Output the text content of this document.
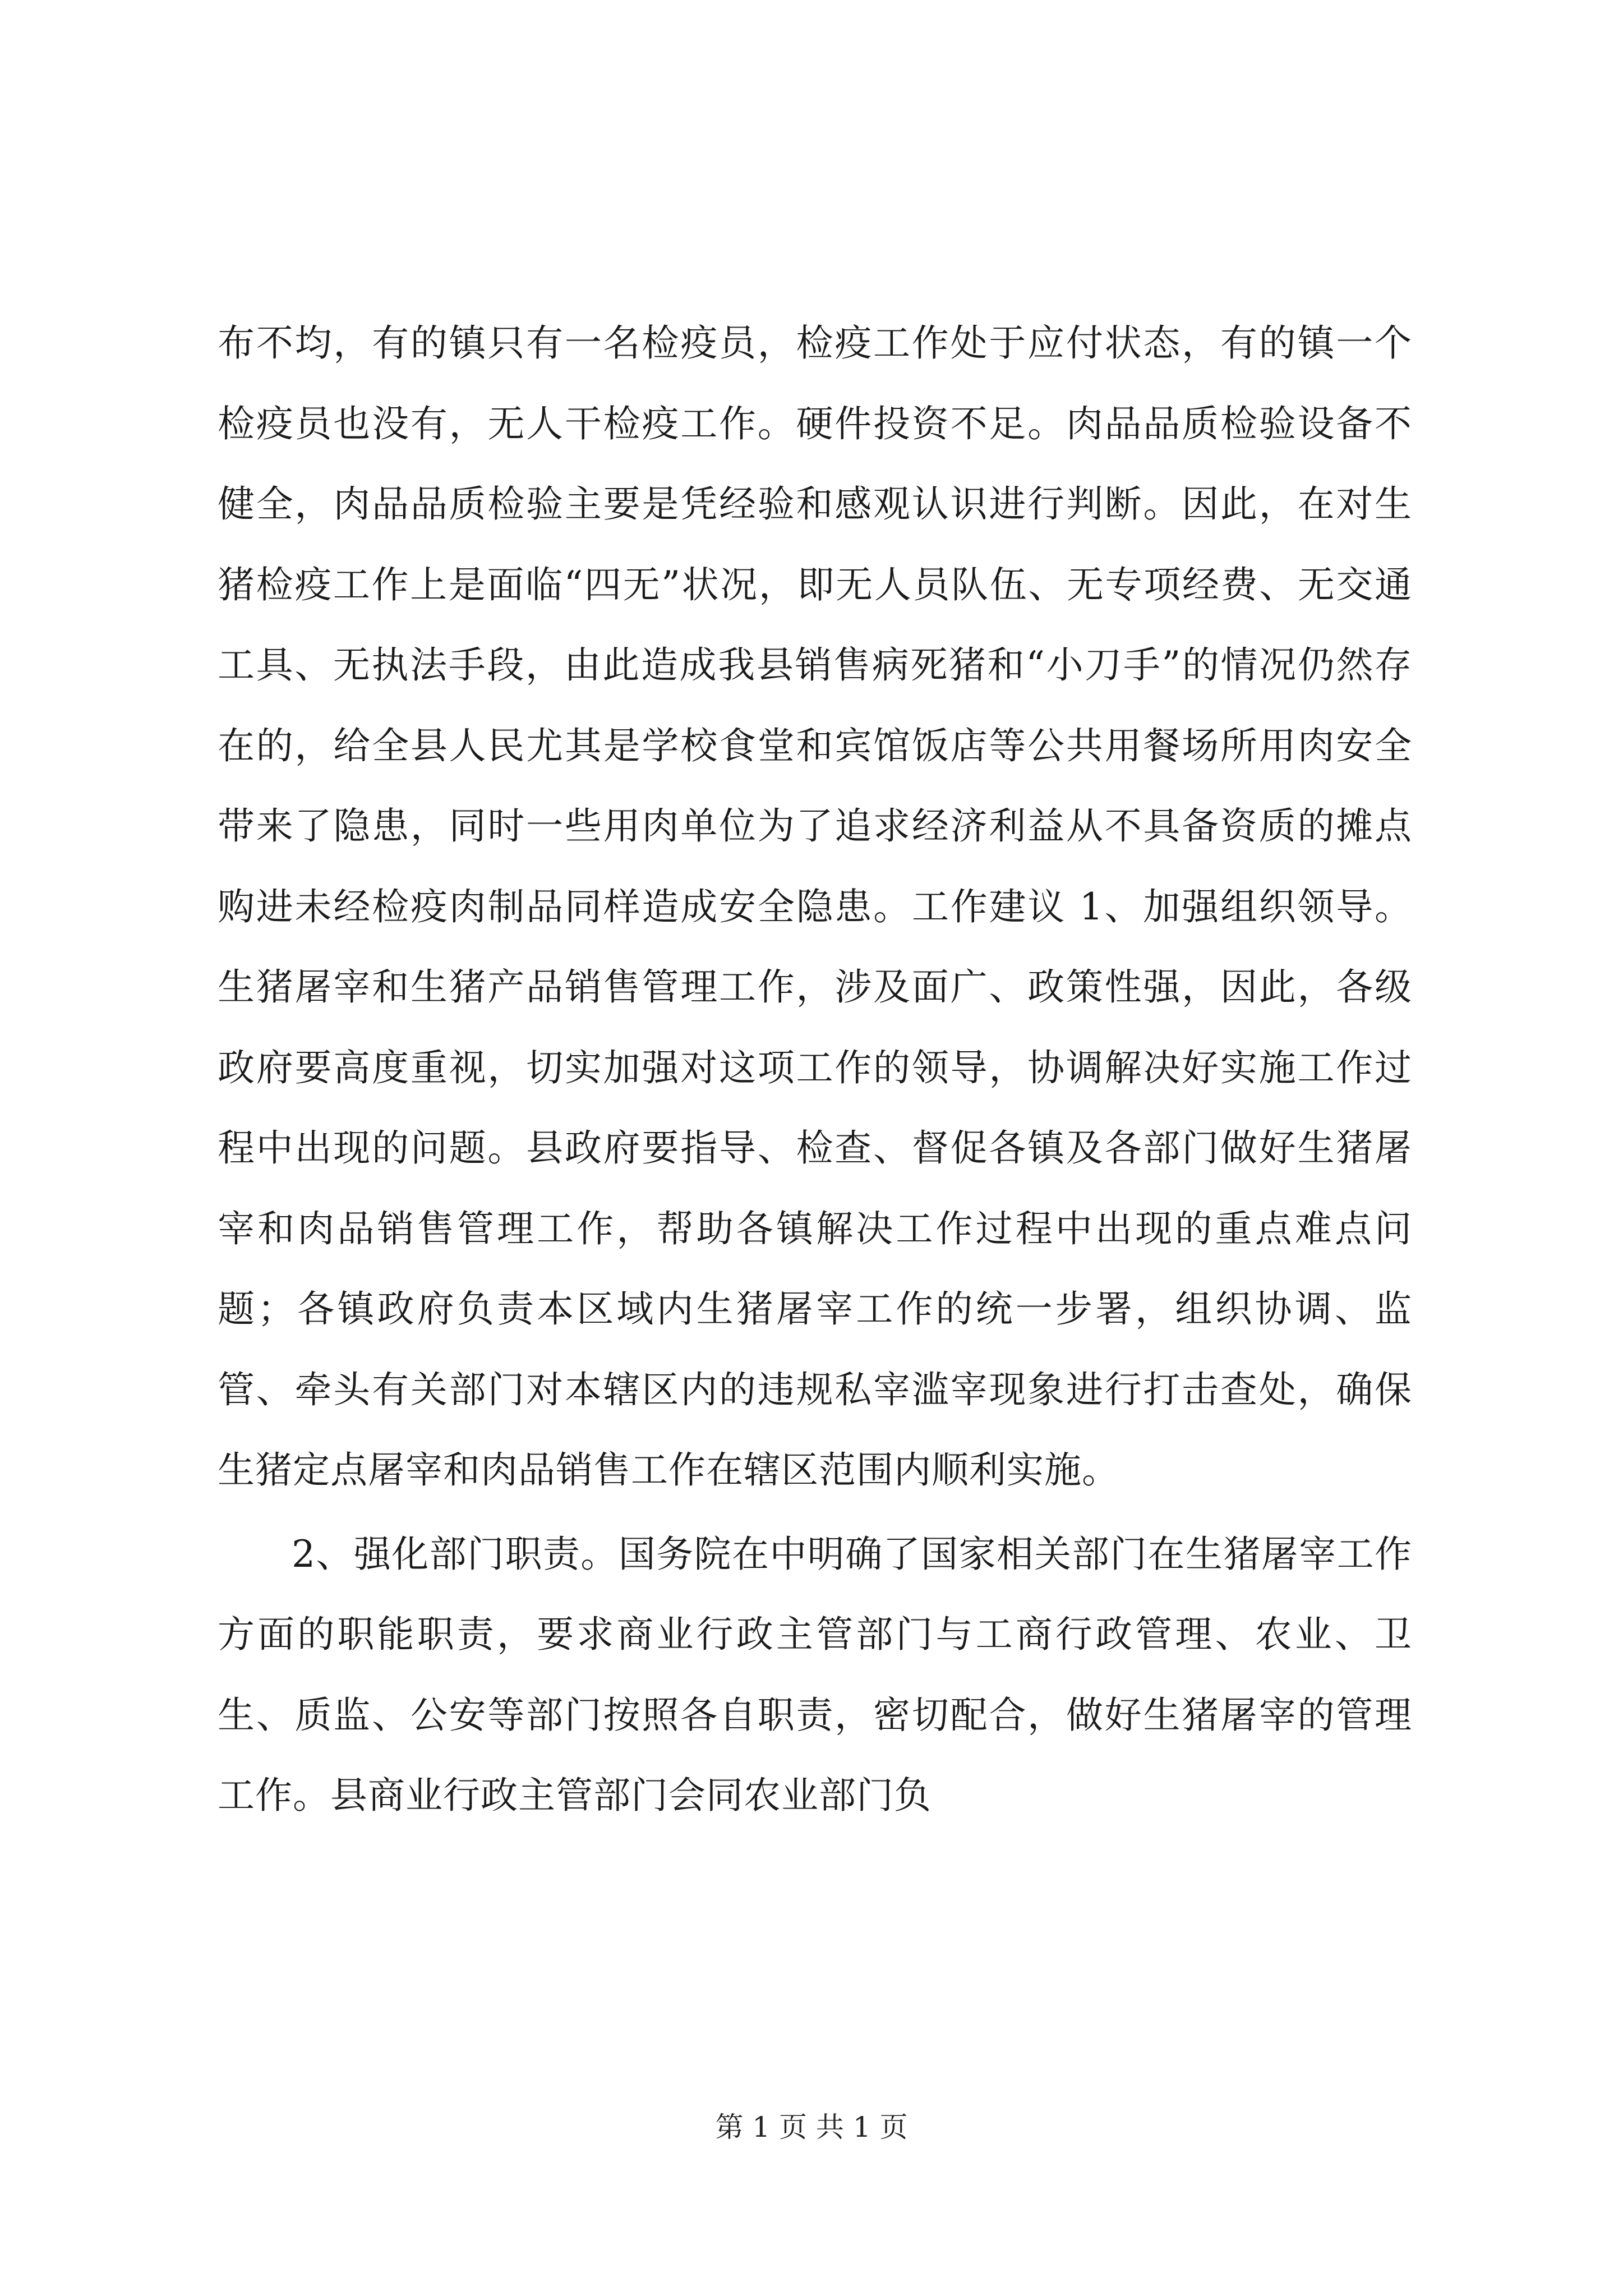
布不均，有的镇只有一名检疫员，检疫工作处于应付状态，有的镇一个检疫员也没有，无人干检疫工作。硬件投资不足。肉品品质检验设备不健全，肉品品质检验主要是凭经验和感观认识进行判断。因此，在对生猪检疫工作上是面临“四无”状况，即无人员队伍、无专项经费、无交通工具、无执法手段，由此造成我县销售病死猪和“小刀手”的情况仍然存在的，给全县人民尤其是学校食堂和宾馆饭店等公共用餐场所用肉安全带来了隐患，同时一些用肉单位为了追求经济利益从不具备资质的摊点购进未经检疫肉制品同样造成安全隐患。工作建议 1、加强组织领导。生猪屠宰和生猪产品销售管理工作，涉及面广、政策性强，因此，各级政府要高度重视，切实加强对这项工作的领导，协调解决好实施工作过程中出现的问题。县政府要指导、检查、督促各镇及各部门做好生猪屠宰和肉品销售管理工作，帮助各镇解决工作过程中出现的重点难点问题；各镇政府负责本区域内生猪屠宰工作的统一步署，组织协调、监管、牵头有关部门对本辖区内的违规私宰滥宰现象进行打击查处，确保生猪定点屠宰和肉品销售工作在辖区范围内顺利实施。

2、强化部门职责。国务院在中明确了国家相关部门在生猪屠宰工作方面的职能职责，要求商业行政主管部门与工商行政管理、农业、卫生、质监、公安等部门按照各自职责，密切配合，做好生猪屠宰的管理工作。县商业行政主管部门会同农业部门负

第 1 页 共 1 页
